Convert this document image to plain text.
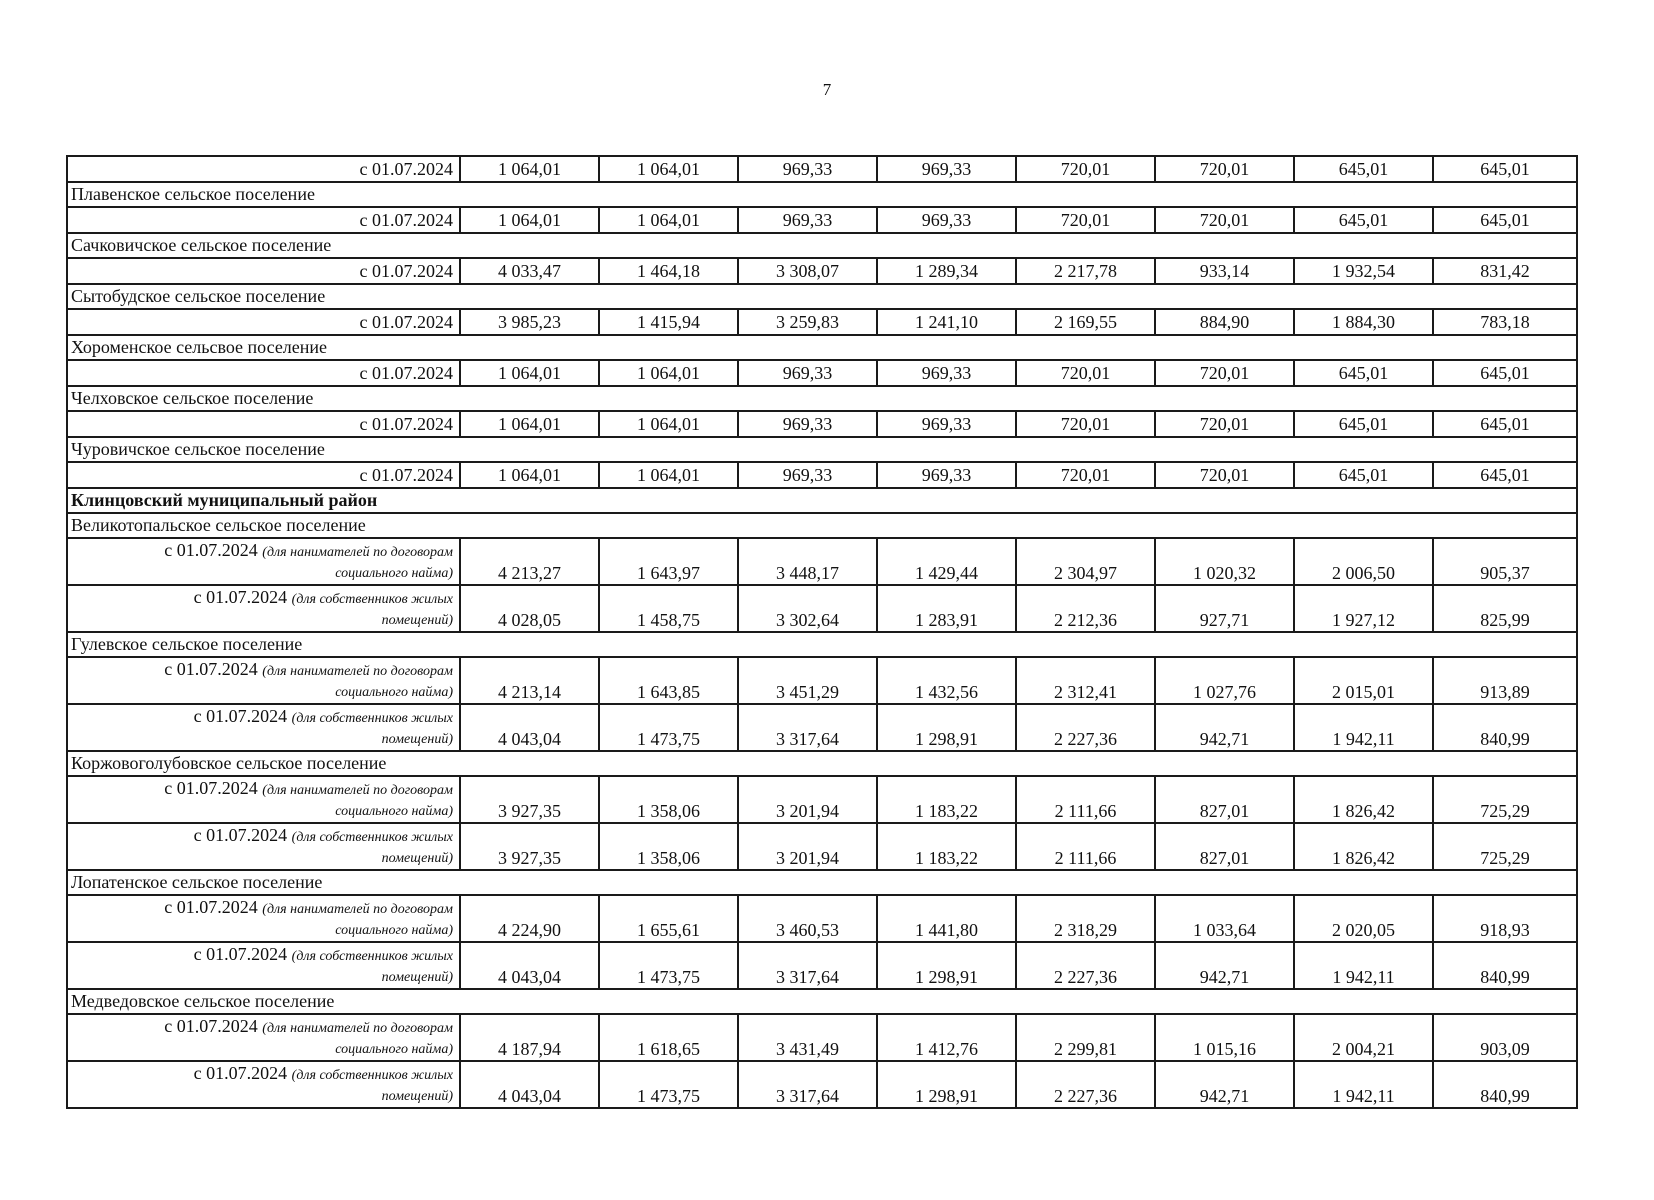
7
с 01.07.2024	1 064,01	1 064,01	969,33	969,33	720,01	720,01	645,01	645,01
Плавенское сельское поселение								
с 01.07.2024	1 064,01	1 064,01	969,33	969,33	720,01	720,01	645,01	645,01
Сачковичское сельское поселение								
с 01.07.2024	4 033,47	1 464,18	3 308,07	1 289,34	2 217,78	933,14	1 932,54	831,42
Сытобудское сельское поселение								
с 01.07.2024	3 985,23	1 415,94	3 259,83	1 241,10	2 169,55	884,90	1 884,30	783,18
Хороменское сельсвое поселение								
с 01.07.2024	1 064,01	1 064,01	969,33	969,33	720,01	720,01	645,01	645,01
Челховское сельское поселение								
с 01.07.2024	1 064,01	1 064,01	969,33	969,33	720,01	720,01	645,01	645,01
Чуровичское сельское поселение								
с 01.07.2024	1 064,01	1 064,01	969,33	969,33	720,01	720,01	645,01	645,01
Клинцовский муниципальный район								
Великотопальское сельское поселение								
с 01.07.2024 (для нанимателей по договорам
социального найма)	4 213,27	1 643,97	3 448,17	1 429,44	2 304,97	1 020,32	2 006,50	905,37
с 01.07.2024 (для собственников жилых
помещений)	4 028,05	1 458,75	3 302,64	1 283,91	2 212,36	927,71	1 927,12	825,99
Гулевское сельское поселение								
с 01.07.2024 (для нанимателей по договорам
социального найма)	4 213,14	1 643,85	3 451,29	1 432,56	2 312,41	1 027,76	2 015,01	913,89
с 01.07.2024 (для собственников жилых
помещений)	4 043,04	1 473,75	3 317,64	1 298,91	2 227,36	942,71	1 942,11	840,99
Коржовоголубовское сельское поселение								
с 01.07.2024 (для нанимателей по договорам
социального найма)	3 927,35	1 358,06	3 201,94	1 183,22	2 111,66	827,01	1 826,42	725,29
с 01.07.2024 (для собственников жилых
помещений)	3 927,35	1 358,06	3 201,94	1 183,22	2 111,66	827,01	1 826,42	725,29
Лопатенское сельское поселение								
с 01.07.2024 (для нанимателей по договорам
социального найма)	4 224,90	1 655,61	3 460,53	1 441,80	2 318,29	1 033,64	2 020,05	918,93
с 01.07.2024 (для собственников жилых
помещений)	4 043,04	1 473,75	3 317,64	1 298,91	2 227,36	942,71	1 942,11	840,99
Медведовское сельское поселение								
с 01.07.2024 (для нанимателей по договорам
социального найма)	4 187,94	1 618,65	3 431,49	1 412,76	2 299,81	1 015,16	2 004,21	903,09
с 01.07.2024 (для собственников жилых
помещений)	4 043,04	1 473,75	3 317,64	1 298,91	2 227,36	942,71	1 942,11	840,99
